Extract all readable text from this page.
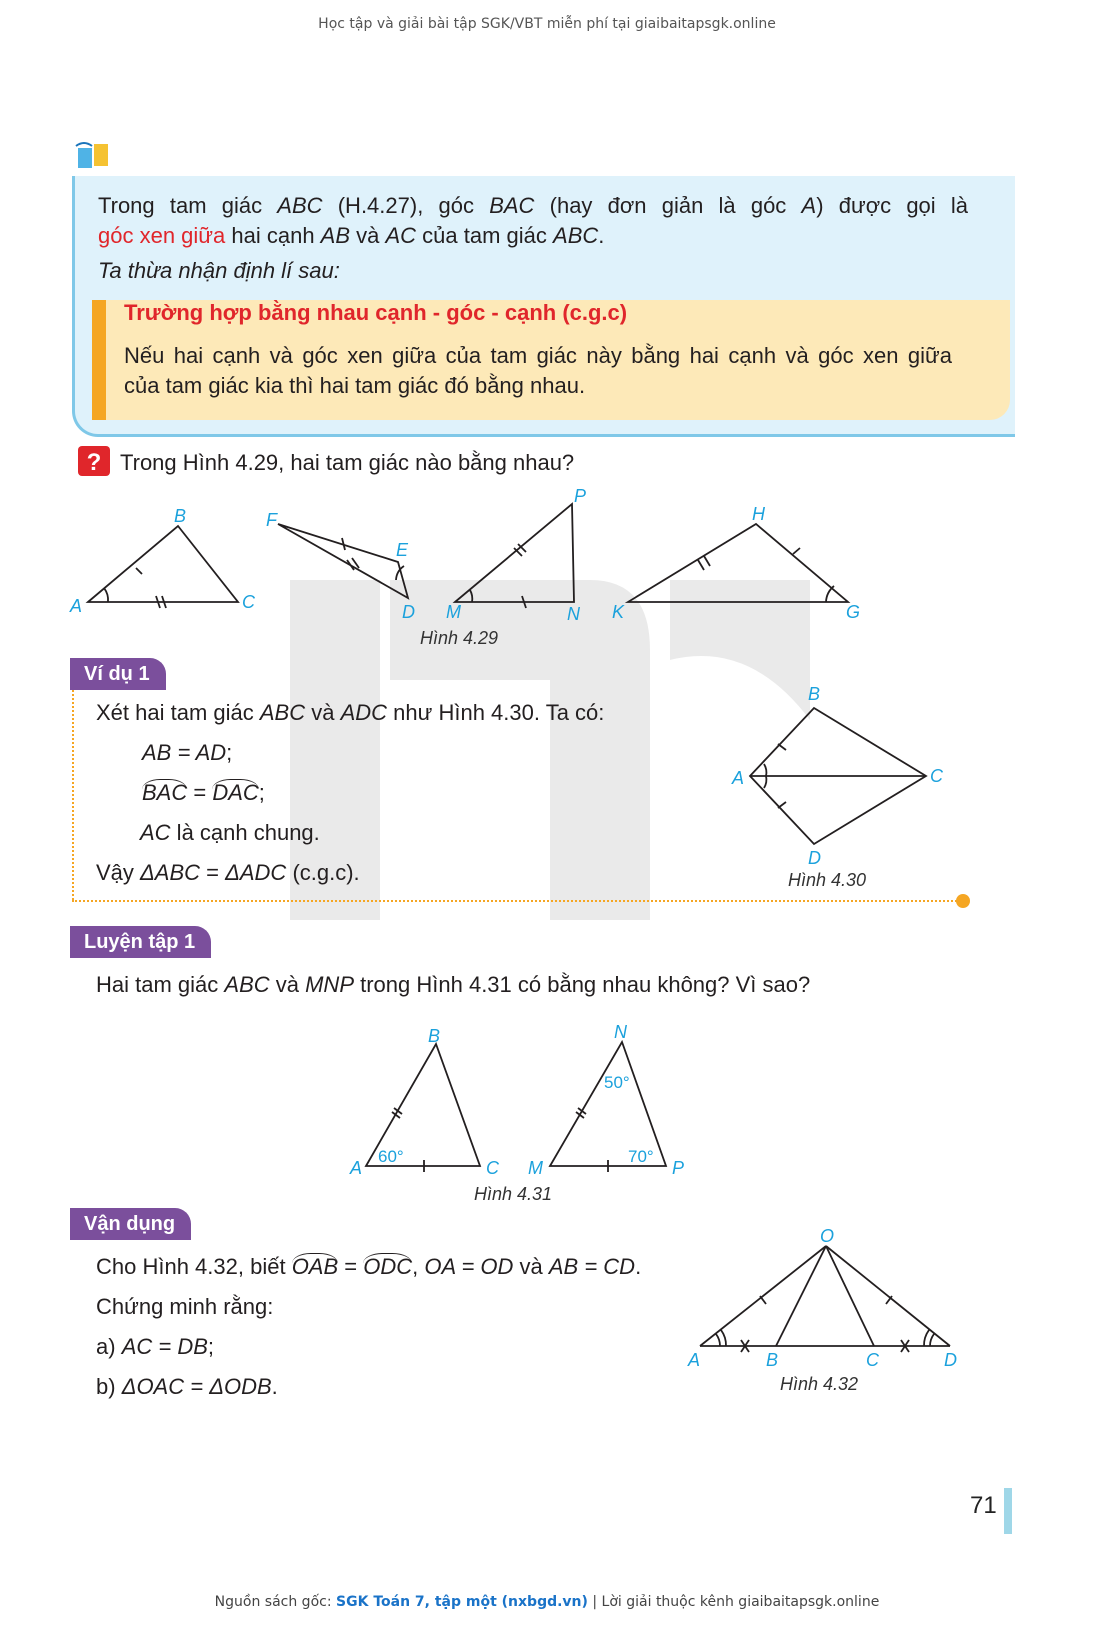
Học tập và giải bài tập SGK/VBT miễn phí tại giaibaitapsgk.online
Trong tam giác ABC (H.4.27), góc BAC (hay đơn giản là góc A) được gọi là
góc xen giữa hai cạnh AB và AC của tam giác ABC.
Ta thừa nhận định lí sau:
Trường hợp bằng nhau cạnh - góc - cạnh (c.g.c)
Nếu hai cạnh và góc xen giữa của tam giác này bằng hai cạnh và góc xen giữa
của tam giác kia thì hai tam giác đó bằng nhau.
? Trong Hình 4.29, hai tam giác nào bằng nhau?
A
B
C
F
E
D M	N
P
K
H
G
Hình 4.29
Ví dụ 1
Xét hai tam giác ABC và ADC như Hình 4.30. Ta có:
AB = AD;
BAC = DAC;
AC là cạnh chung.
Vậy ΔABC = ΔADC (c.g.c).
A
B
C
D
Hình 4.30
Luyện tập 1
Hai tam giác ABC và MNP trong Hình 4.31 có bằng nhau không? Vì sao?
A
B
C M
N
P
60°
50°
70°
Hình 4.31
Vận dụng
Cho Hình 4.32, biết OAB = ODC, OA = OD và AB = CD.
Chứng minh rằng:
a) AC = DB;
b) ΔOAC = ΔODB.
O
A	B	C	D
Hình 4.32
71
Nguồn sách gốc: SGK Toán 7, tập một (nxbgd.vn) | Lời giải thuộc kênh giaibaitapsgk.online
